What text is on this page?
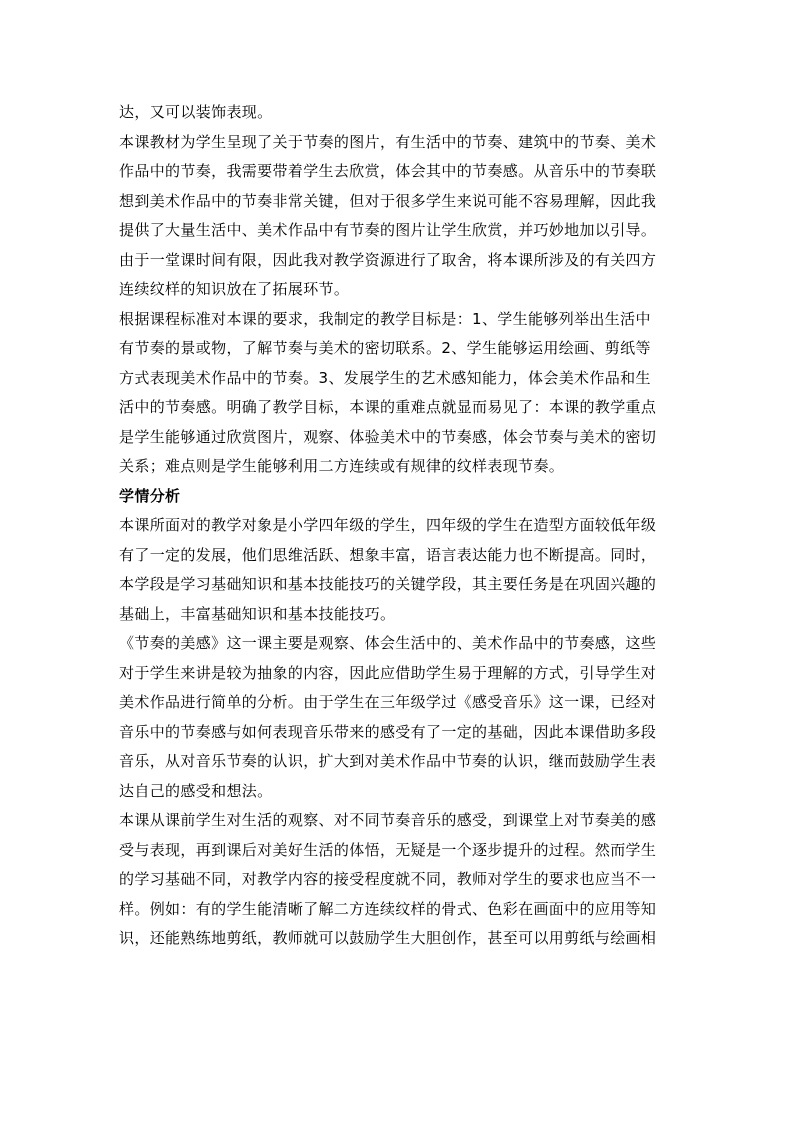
达，又可以装饰表现。
本课教材为学生呈现了关于节奏的图片，有生活中的节奏、建筑中的节奏、美术
作品中的节奏，我需要带着学生去欣赏，体会其中的节奏感。从音乐中的节奏联
想到美术作品中的节奏非常关键，但对于很多学生来说可能不容易理解，因此我
提供了大量生活中、美术作品中有节奏的图片让学生欣赏，并巧妙地加以引导。
由于一堂课时间有限，因此我对教学资源进行了取舍，将本课所涉及的有关四方
连续纹样的知识放在了拓展环节。
根据课程标准对本课的要求，我制定的教学目标是：1、学生能够列举出生活中
有节奏的景或物，了解节奏与美术的密切联系。2、学生能够运用绘画、剪纸等
方式表现美术作品中的节奏。3、发展学生的艺术感知能力，体会美术作品和生
活中的节奏感。明确了教学目标，本课的重难点就显而易见了：本课的教学重点
是学生能够通过欣赏图片，观察、体验美术中的节奏感，体会节奏与美术的密切
关系；难点则是学生能够利用二方连续或有规律的纹样表现节奏。
学情分析
本课所面对的教学对象是小学四年级的学生，四年级的学生在造型方面较低年级
有了一定的发展，他们思维活跃、想象丰富，语言表达能力也不断提高。同时，
本学段是学习基础知识和基本技能技巧的关键学段，其主要任务是在巩固兴趣的
基础上，丰富基础知识和基本技能技巧。
《节奏的美感》这一课主要是观察、体会生活中的、美术作品中的节奏感，这些
对于学生来讲是较为抽象的内容，因此应借助学生易于理解的方式，引导学生对
美术作品进行简单的分析。由于学生在三年级学过《感受音乐》这一课，已经对
音乐中的节奏感与如何表现音乐带来的感受有了一定的基础，因此本课借助多段
音乐，从对音乐节奏的认识，扩大到对美术作品中节奏的认识，继而鼓励学生表
达自己的感受和想法。
本课从课前学生对生活的观察、对不同节奏音乐的感受，到课堂上对节奏美的感
受与表现，再到课后对美好生活的体悟，无疑是一个逐步提升的过程。然而学生
的学习基础不同，对教学内容的接受程度就不同，教师对学生的要求也应当不一
样。例如：有的学生能清晰了解二方连续纹样的骨式、色彩在画面中的应用等知
识，还能熟练地剪纸，教师就可以鼓励学生大胆创作，甚至可以用剪纸与绘画相
